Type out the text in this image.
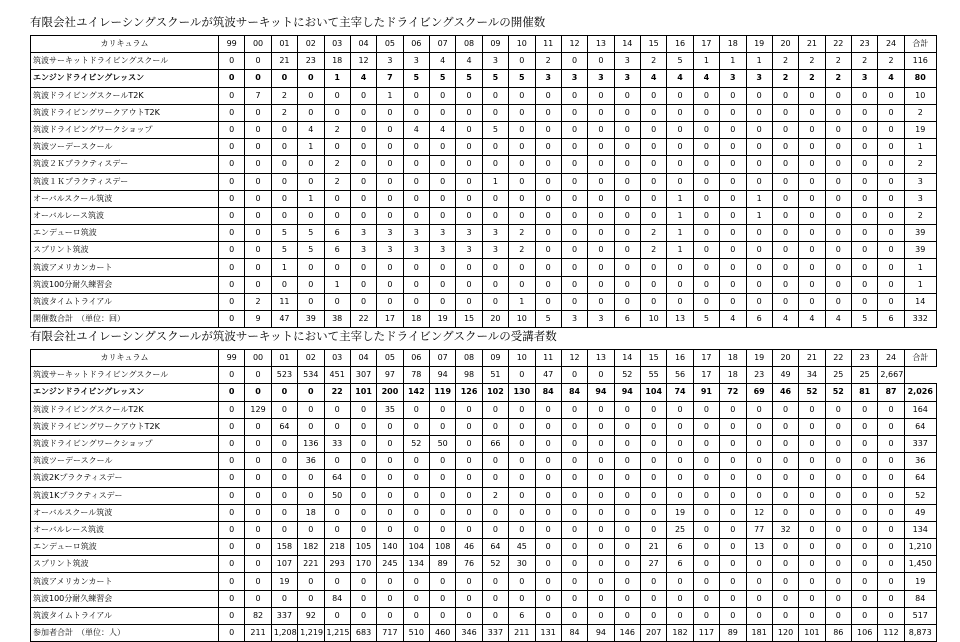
有限会社ユイレーシングスクールが筑波サーキットにおいて主宰したドライビングスクールの開催数
カリキュラム	99	00	01	02	03	04	05	06	07	08	09	10	11	12	13	14	15	16	17	18	19	20	21	22	23	24	合計
筑波サーキットドライビングスクール	0	0	21	23	18	12	3	3	4	4	3	0	2	0	0	3	2	5	1	1	1	2	2	2	2	2	116
エンジンドライビングレッスン	0	0	0	0	1	4	7	5	5	5	5	5	3	3	3	3	4	4	4	3	3	2	2	2	3	4	80
筑波ドライビングスクールT2K	0	7	2	0	0	0	1	0	0	0	0	0	0	0	0	0	0	0	0	0	0	0	0	0	0	0	10
筑波ドライビングワークアウトT2K	0	0	2	0	0	0	0	0	0	0	0	0	0	0	0	0	0	0	0	0	0	0	0	0	0	0	2
筑波ドライビングワークショップ	0	0	0	4	2	0	0	4	4	0	5	0	0	0	0	0	0	0	0	0	0	0	0	0	0	0	19
筑波ツーデースクール	0	0	0	1	0	0	0	0	0	0	0	0	0	0	0	0	0	0	0	0	0	0	0	0	0	0	1
筑波２Ｋプラクティスデー	0	0	0	0	2	0	0	0	0	0	0	0	0	0	0	0	0	0	0	0	0	0	0	0	0	0	2
筑波１Ｋプラクティスデー	0	0	0	0	2	0	0	0	0	0	1	0	0	0	0	0	0	0	0	0	0	0	0	0	0	0	3
オーバルスクール筑波	0	0	0	1	0	0	0	0	0	0	0	0	0	0	0	0	0	1	0	0	1	0	0	0	0	0	3
オーバルレース筑波	0	0	0	0	0	0	0	0	0	0	0	0	0	0	0	0	0	1	0	0	1	0	0	0	0	0	2
エンデューロ筑波	0	0	5	5	6	3	3	3	3	3	3	2	0	0	0	0	2	1	0	0	0	0	0	0	0	0	39
スプリント筑波	0	0	5	5	6	3	3	3	3	3	3	2	0	0	0	0	2	1	0	0	0	0	0	0	0	0	39
筑波アメリカンカート	0	0	1	0	0	0	0	0	0	0	0	0	0	0	0	0	0	0	0	0	0	0	0	0	0	0	1
筑波100分耐久練習会	0	0	0	0	1	0	0	0	0	0	0	0	0	0	0	0	0	0	0	0	0	0	0	0	0	0	1
筑波タイムトライアル	0	2	11	0	0	0	0	0	0	0	0	1	0	0	0	0	0	0	0	0	0	0	0	0	0	0	14
開催数合計　（単位：回）	0	9	47	39	38	22	17	18	19	15	20	10	5	3	3	6	10	13	5	4	6	4	4	4	5	6	332
有限会社ユイレーシングスクールが筑波サーキットにおいて主宰したドライビングスクールの受講者数
カリキュラム	99	00	01	02	03	04	05	06	07	08	09	10	11	12	13	14	15	16	17	18	19	20	21	22	23	24	合計
筑波サーキットドライビングスクール	0	0	523	534	451	307	97	78	94	98	51	0	47	0	0	52	55	56	17	18	23	49	34	25	25	2,667	
エンジンドライビングレッスン	0	0	0	0	22	101	200	142	119	126	102	130	84	84	94	94	104	74	91	72	69	46	52	52	81	87	2,026
筑波ドライビングスクールT2K	0	129	0	0	0	0	35	0	0	0	0	0	0	0	0	0	0	0	0	0	0	0	0	0	0	0	164
筑波ドライビングワークアウトT2K	0	0	64	0	0	0	0	0	0	0	0	0	0	0	0	0	0	0	0	0	0	0	0	0	0	0	64
筑波ドライビングワークショップ	0	0	0	136	33	0	0	52	50	0	66	0	0	0	0	0	0	0	0	0	0	0	0	0	0	0	337
筑波ツーデースクール	0	0	0	36	0	0	0	0	0	0	0	0	0	0	0	0	0	0	0	0	0	0	0	0	0	0	36
筑波2Kプラクティスデー	0	0	0	0	64	0	0	0	0	0	0	0	0	0	0	0	0	0	0	0	0	0	0	0	0	0	64
筑波1Kプラクティスデー	0	0	0	0	50	0	0	0	0	0	2	0	0	0	0	0	0	0	0	0	0	0	0	0	0	0	52
オーバルスクール筑波	0	0	0	18	0	0	0	0	0	0	0	0	0	0	0	0	0	19	0	0	12	0	0	0	0	0	49
オーバルレース筑波	0	0	0	0	0	0	0	0	0	0	0	0	0	0	0	0	0	25	0	0	77	32	0	0	0	0	134
エンデューロ筑波	0	0	158	182	218	105	140	104	108	46	64	45	0	0	0	0	21	6	0	0	13	0	0	0	0	0	1,210
スプリント筑波	0	0	107	221	293	170	245	134	89	76	52	30	0	0	0	0	27	6	0	0	0	0	0	0	0	0	1,450
筑波アメリカンカート	0	0	19	0	0	0	0	0	0	0	0	0	0	0	0	0	0	0	0	0	0	0	0	0	0	0	19
筑波100分耐久練習会	0	0	0	0	84	0	0	0	0	0	0	0	0	0	0	0	0	0	0	0	0	0	0	0	0	0	84
筑波タイムトライアル	0	82	337	92	0	0	0	0	0	0	0	6	0	0	0	0	0	0	0	0	0	0	0	0	0	0	517
参加者合計　（単位：人）	0	211	1,208	1,219	1,215	683	717	510	460	346	337	211	131	84	94	146	207	182	117	89	181	120	101	86	106	112	8,873
